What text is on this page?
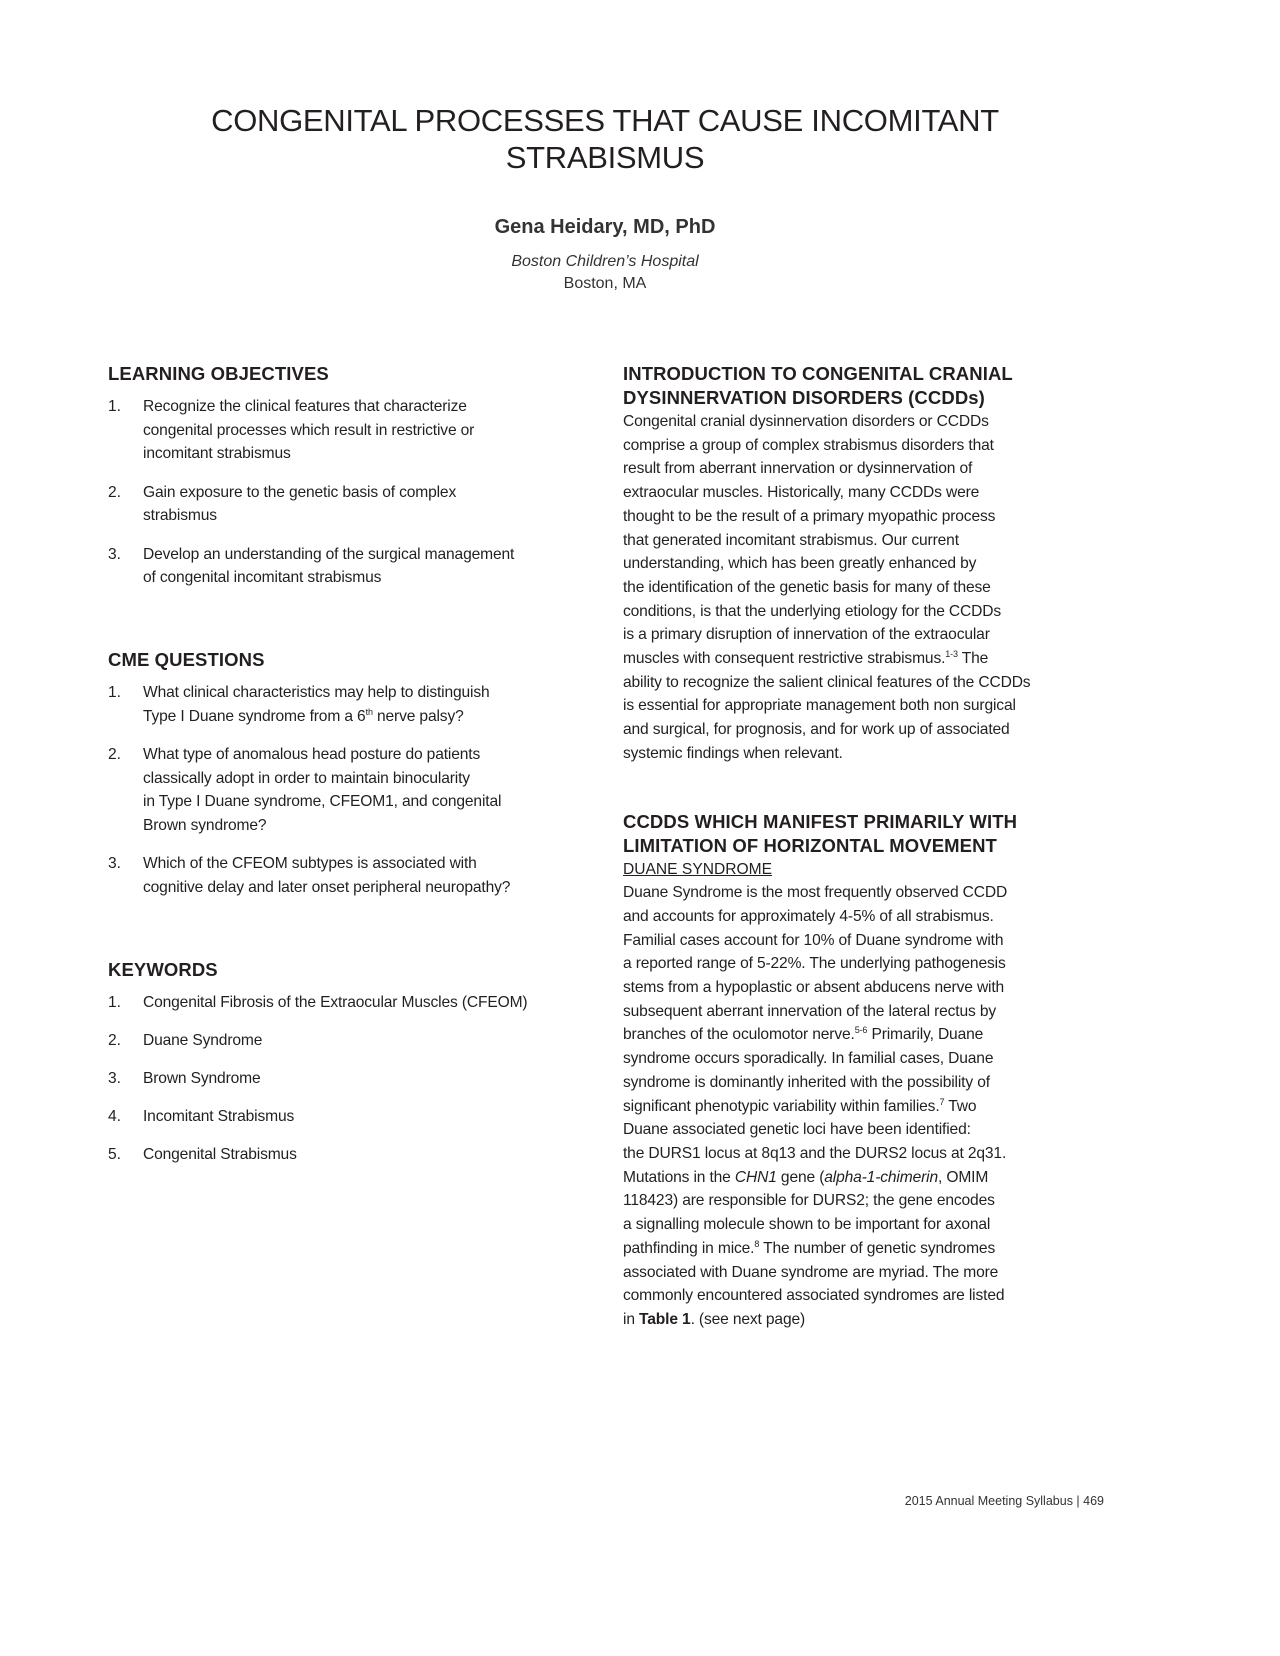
CONGENITAL PROCESSES THAT CAUSE INCOMITANT
STRABISMUS
Gena Heidary, MD, PhD
Boston Children’s Hospital
Boston, MA
LEARNING OBJECTIVES
1.	Recognize the clinical features that characterize
congenital processes which result in restrictive or
incomitant strabismus
2.	Gain exposure to the genetic basis of complex
strabismus
3.	Develop an understanding of the surgical management
of congenital incomitant strabismus
CME QUESTIONS
1.	What clinical characteristics may help to distinguish
Type I Duane syndrome from a 6th nerve palsy?
2.	What type of anomalous head posture do patients
classically adopt in order to maintain binocularity
in Type I Duane syndrome, CFEOM1, and congenital
Brown syndrome?
3.	Which of the CFEOM subtypes is associated with
cognitive delay and later onset peripheral neuropathy?
KEYWORDS
1.	Congenital Fibrosis of the Extraocular Muscles (CFEOM)
2.	Duane Syndrome
3.	Brown Syndrome
4.	Incomitant Strabismus
5.	Congenital Strabismus
INTRODUCTION TO CONGENITAL CRANIAL
DYSINNERVATION DISORDERS (CCDDs)
Congenital cranial dysinnervation disorders or CCDDs
comprise a group of complex strabismus disorders that
result from aberrant innervation or dysinnervation of
extraocular muscles. Historically, many CCDDs were
thought to be the result of a primary myopathic process
that generated incomitant strabismus. Our current
understanding, which has been greatly enhanced by
the identification of the genetic basis for many of these
conditions, is that the underlying etiology for the CCDDs
is a primary disruption of innervation of the extraocular
muscles with consequent restrictive strabismus.$^{1-3}$ The
ability to recognize the salient clinical features of the CCDDs
is essential for appropriate management both non surgical
and surgical, for prognosis, and for work up of associated
systemic findings when relevant.
CCDDS WHICH MANIFEST PRIMARILY WITH
LIMITATION OF HORIZONTAL MOVEMENT
DUANE SYNDROME
Duane Syndrome is the most frequently observed CCDD
and accounts for approximately 4-5% of all strabismus.
Familial cases account for 10% of Duane syndrome with
a reported range of 5-22%. The underlying pathogenesis
stems from a hypoplastic or absent abducens nerve with
subsequent aberrant innervation of the lateral rectus by
branches of the oculomotor nerve.$^{5-6}$ Primarily, Duane
syndrome occurs sporadically. In familial cases, Duane
syndrome is dominantly inherited with the possibility of
significant phenotypic variability within families.$^7$ Two
Duane associated genetic loci have been identified:
the DURS1 locus at 8q13 and the DURS2 locus at 2q31.
Mutations in the CHN1 gene (alpha-1-chimerin, OMIM
118423) are responsible for DURS2; the gene encodes
a signalling molecule shown to be important for axonal
pathfinding in mice.$^8$ The number of genetic syndromes
associated with Duane syndrome are myriad. The more
commonly encountered associated syndromes are listed
in Table 1. (see next page)
2015 Annual Meeting Syllabus | 469
